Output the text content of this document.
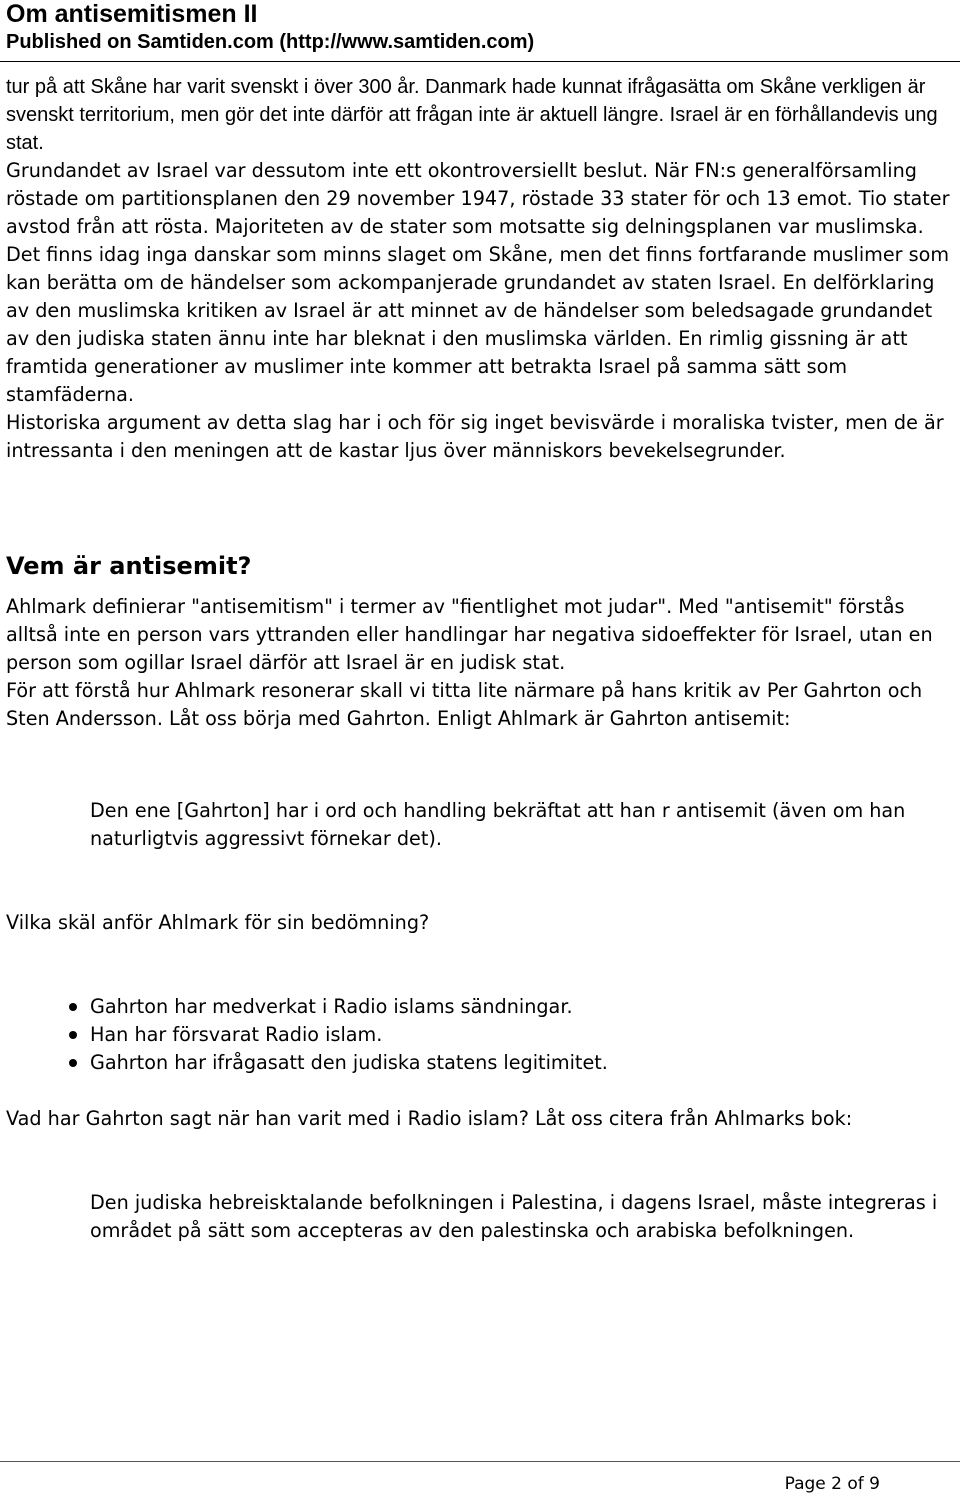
Om antisemitismen II

Published on Samtiden.com (http://www.samtiden.com)

tur på att Skåne har varit svenskt i över 300 år. Danmark hade kunnat ifrågasätta om Skåne verkligen är svenskt territorium, men gör det inte därför att frågan inte är aktuell längre. Israel är en förhållandevis ung stat.

Grundandet av Israel var dessutom inte ett okontroversiellt beslut. När FN:s generalförsamling röstade om partitionsplanen den 29 november 1947, röstade 33 stater för och 13 emot. Tio stater avstod från att rösta. Majoriteten av de stater som motsatte sig delningsplanen var muslimska. Det finns idag inga danskar som minns slaget om Skåne, men det finns fortfarande muslimer som kan berätta om de händelser som ackompanjerade grundandet av staten Israel. En delförklaring av den muslimska kritiken av Israel är att minnet av de händelser som beledsagade grundandet av den judiska staten ännu inte har bleknat i den muslimska världen. En rimlig gissning är att framtida generationer av muslimer inte kommer att betrakta Israel på samma sätt som stamfäderna.

Historiska argument av detta slag har i och för sig inget bevisvärde i moraliska tvister, men de är intressanta i den meningen att de kastar ljus över människors bevekelsegrunder.

Vem är antisemit?

Ahlmark definierar "antisemitism" i termer av "fientlighet mot judar". Med "antisemit" förstås alltså inte en person vars yttranden eller handlingar har negativa sidoeffekter för Israel, utan en person som ogillar Israel därför att Israel är en judisk stat.

För att förstå hur Ahlmark resonerar skall vi titta lite närmare på hans kritik av Per Gahrton och Sten Andersson. Låt oss börja med Gahrton. Enligt Ahlmark är Gahrton antisemit:

Den ene [Gahrton] har i ord och handling bekräftat att han r antisemit (även om han naturligtvis aggressivt förnekar det).

Vilka skäl anför Ahlmark för sin bedömning?

Gahrton har medverkat i Radio islams sändningar.
Han har försvarat Radio islam.
Gahrton har ifrågasatt den judiska statens legitimitet.

Vad har Gahrton sagt när han varit med i Radio islam? Låt oss citera från Ahlmarks bok:

Den judiska hebreisktalande befolkningen i Palestina, i dagens Israel, måste integreras i området på sätt som accepteras av den palestinska och arabiska befolkningen.

Page 2 of 9
